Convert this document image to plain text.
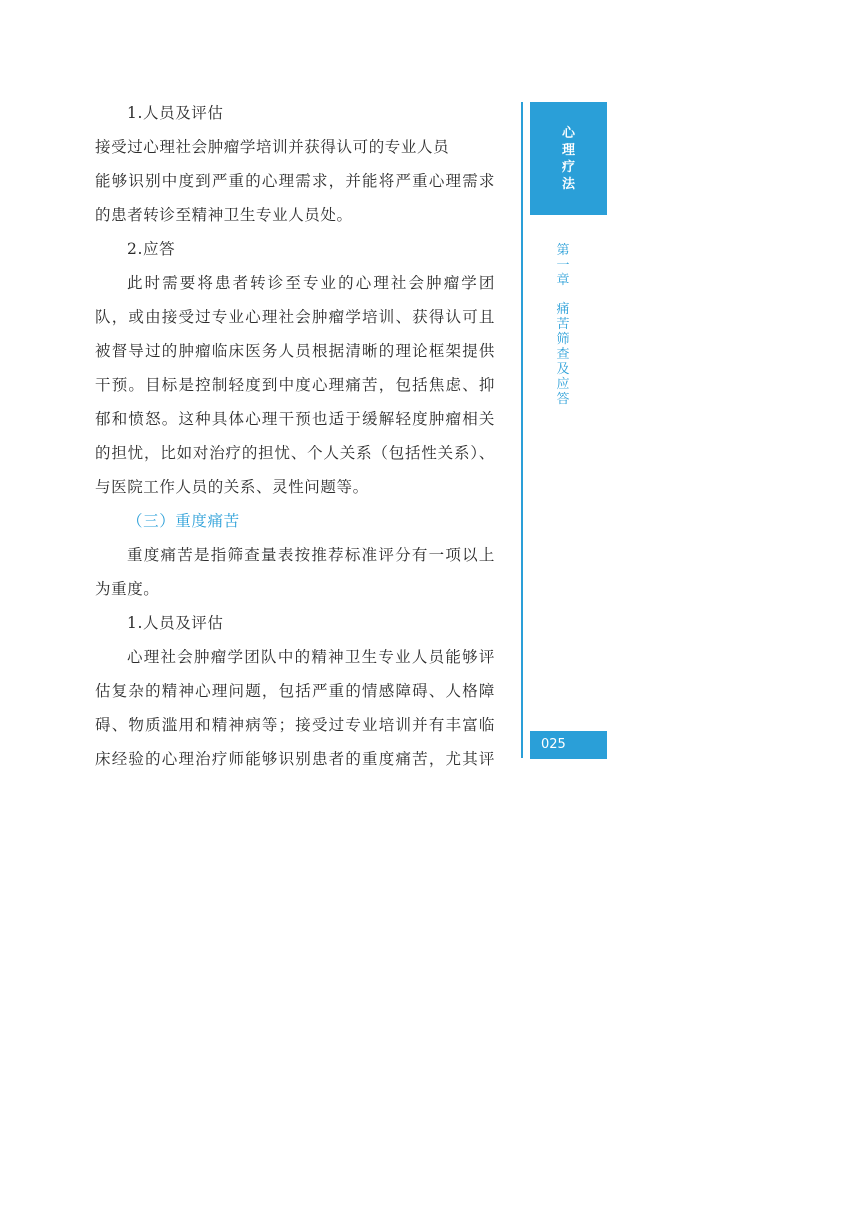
1.人员及评估
接受过心理社会肿瘤学培训并获得认可的专业人员
能够识别中度到严重的心理需求，并能将严重心理需求
的患者转诊至精神卫生专业人员处。
2.应答
此时需要将患者转诊至专业的心理社会肿瘤学团
队，或由接受过专业心理社会肿瘤学培训、获得认可且
被督导过的肿瘤临床医务人员根据清晰的理论框架提供
干预。目标是控制轻度到中度心理痛苦，包括焦虑、抑
郁和愤怒。这种具体心理干预也适于缓解轻度肿瘤相关
的担忧，比如对治疗的担忧、个人关系（包括性关系）、
与医院工作人员的关系、灵性问题等。
（三）重度痛苦
重度痛苦是指筛查量表按推荐标准评分有一项以上
为重度。
1.人员及评估
心理社会肿瘤学团队中的精神卫生专业人员能够评
估复杂的精神心理问题，包括严重的情感障碍、人格障
碍、物质滥用和精神病等；接受过专业培训并有丰富临
床经验的心理治疗师能够识别患者的重度痛苦，尤其评
心
理
疗
法
第
一
章
痛
苦
筛
查
及
应
答
025
